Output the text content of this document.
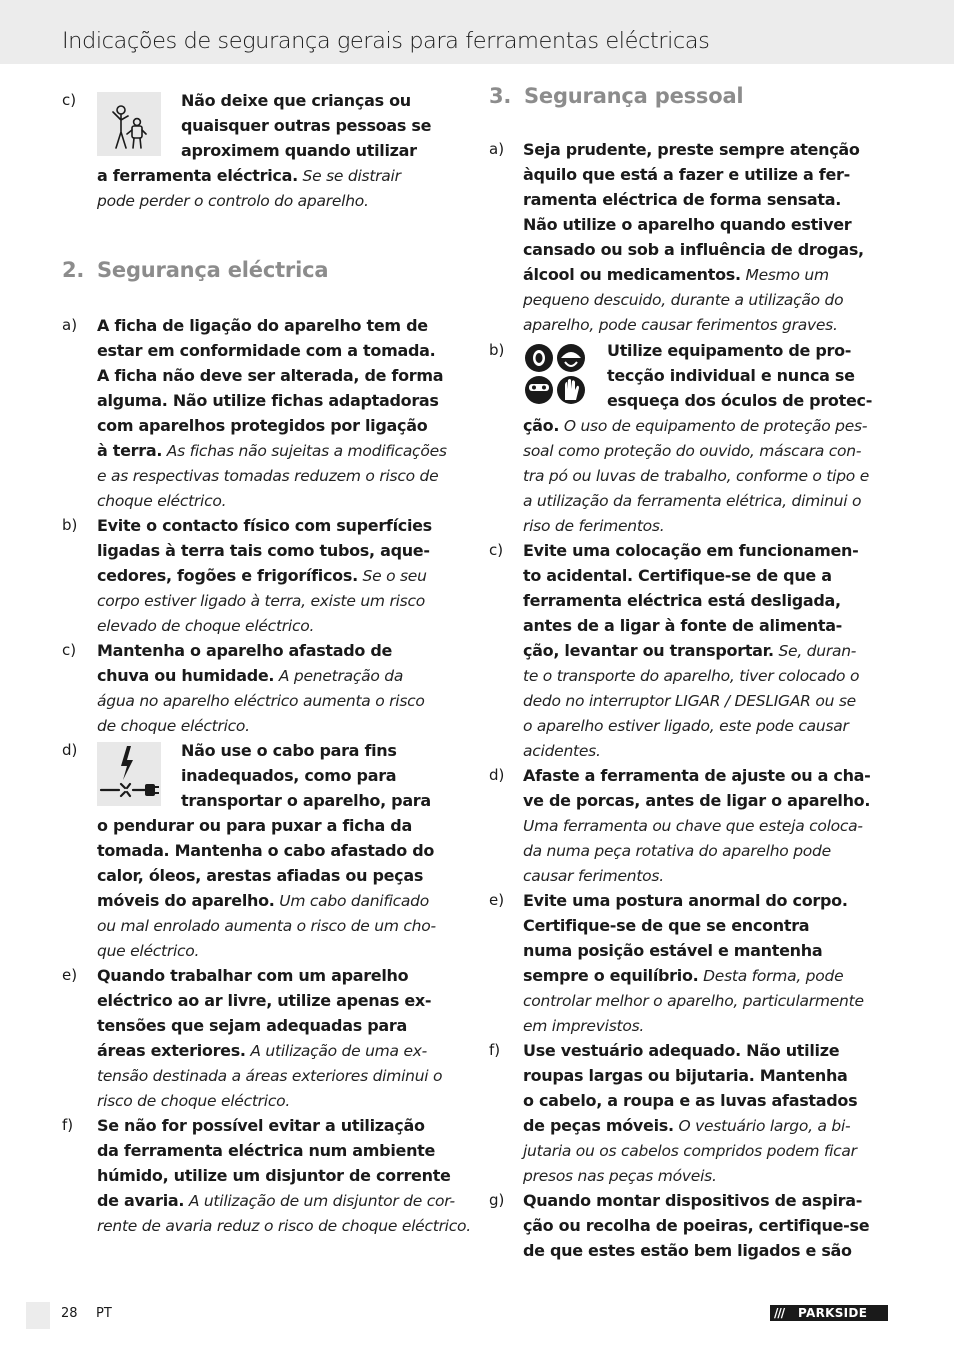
Indicações de segurança gerais para ferramentas eléctricas
c)	Não deixe que crianças ou
quaisquer outras pessoas se
aproximem quando utilizar
a ferramenta eléctrica. Se se distrair
pode perder o controlo do aparelho.
2. Segurança eléctrica
a) A ficha de ligação do aparelho tem de
estar em conformidade com a tomada.
A ficha não deve ser alterada, de forma
alguma. Não utilize fichas adaptadoras
com aparelhos protegidos por ligação
à terra. As fichas não sujeitas a modificações
e as respectivas tomadas reduzem o risco de
choque eléctrico.
b) Evite o contacto físico com superfícies
ligadas à terra tais como tubos, aque-
cedores, fogões e frigoríficos. Se o seu
corpo estiver ligado à terra, existe um risco
elevado de choque eléctrico.
c) Mantenha o aparelho afastado de
chuva ou humidade. A penetração da
água no aparelho eléctrico aumenta o risco
de choque eléctrico.
d)	Não use o cabo para fins
inadequados, como para
transportar o aparelho, para
o pendurar ou para puxar a ficha da
tomada. Mantenha o cabo afastado do
calor, óleos, arestas afiadas ou peças
móveis do aparelho. Um cabo danificado
ou mal enrolado aumenta o risco de um cho-
que eléctrico.
e) Quando trabalhar com um aparelho
eléctrico ao ar livre, utilize apenas ex-
tensões que sejam adequadas para
áreas exteriores. A utilização de uma ex-
tensão destinada a áreas exteriores diminui o
risco de choque eléctrico.
f) Se não for possível evitar a utilização
da ferramenta eléctrica num ambiente
húmido, utilize um disjuntor de corrente
de avaria. A utilização de um disjuntor de cor-
rente de avaria reduz o risco de choque eléctrico.
3. Segurança pessoal
a) Seja prudente, preste sempre atenção
àquilo que está a fazer e utilize a fer-
ramenta eléctrica de forma sensata.
Não utilize o aparelho quando estiver
cansado ou sob a influência de drogas,
álcool ou medicamentos. Mesmo um
pequeno descuido, durante a utilização do
aparelho, pode causar ferimentos graves.
b)	Utilize equipamento de pro-
tecção individual e nunca se
esqueça dos óculos de protec-
ção. O uso de equipamento de proteção pes-
soal como proteção do ouvido, máscara con-
tra pó ou luvas de trabalho, conforme o tipo e
a utilização da ferramenta elétrica, diminui o
riso de ferimentos.
c) Evite uma colocação em funcionamen-
to acidental. Certifique-se de que a
ferramenta eléctrica está desligada,
antes de a ligar à fonte de alimenta-
ção, levantar ou transportar. Se, duran-
te o transporte do aparelho, tiver colocado o
dedo no interruptor LIGAR / DESLIGAR ou se
o aparelho estiver ligado, este pode causar
acidentes.
d) Afaste a ferramenta de ajuste ou a cha-
ve de porcas, antes de ligar o aparelho.
Uma ferramenta ou chave que esteja coloca-
da numa peça rotativa do aparelho pode
causar ferimentos.
e) Evite uma postura anormal do corpo.
Certifique-se de que se encontra
numa posição estável e mantenha
sempre o equilíbrio. Desta forma, pode
controlar melhor o aparelho, particularmente
em imprevistos.
f) Use vestuário adequado. Não utilize
roupas largas ou bijutaria. Mantenha
o cabelo, a roupa e as luvas afastados
de peças móveis. O vestuário largo, a bi-
jutaria ou os cabelos compridos podem ficar
presos nas peças móveis.
g) Quando montar dispositivos de aspira-
ção ou recolha de poeiras, certifique-se
de que estes estão bem ligados e são
28 PT	/// PARKSIDE
